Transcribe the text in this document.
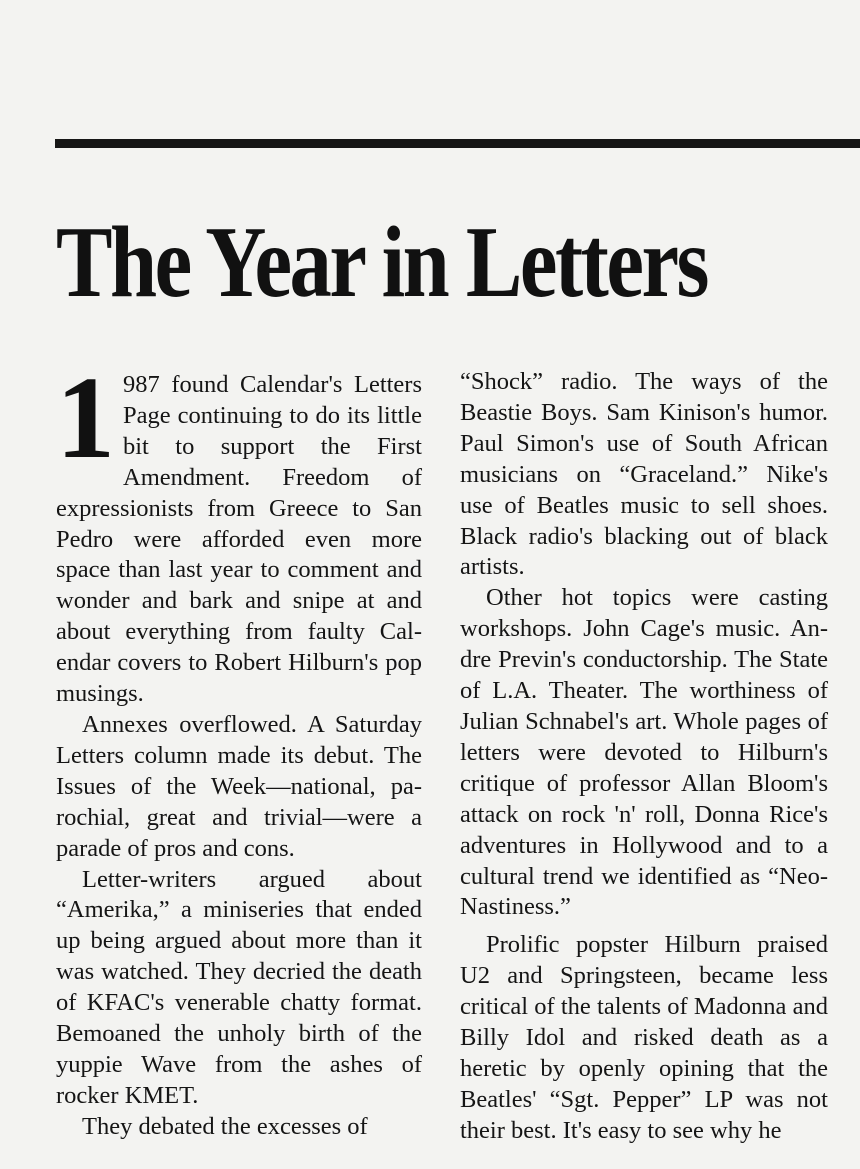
The Year in Letters

1 987 found Calendar's Letters Page continuing to do its little bit to support the First Amendment. Freedom of expressionists from Greece to San Pedro were afforded even more space than last year to comment and wonder and bark and snipe at and about everything from faulty Calendar covers to Robert Hilburn's pop musings.

Annexes overflowed. A Saturday Letters column made its debut. The Issues of the Week—national, parochial, great and trivial—were a parade of pros and cons.

Letter-writers argued about “Amerika,” a miniseries that ended up being argued about more than it was watched. They decried the death of KFAC's venerable chatty format. Bemoaned the unholy birth of the yuppie Wave from the ashes of rocker KMET.

They debated the excesses of

“Shock” radio. The ways of the Beastie Boys. Sam Kinison's humor. Paul Simon's use of South African musicians on “Graceland.” Nike's use of Beatles music to sell shoes. Black radio's blacking out of black artists.

Other hot topics were casting workshops. John Cage's music. Andre Previn's conductorship. The State of L.A. Theater. The worthiness of Julian Schnabel's art. Whole pages of letters were devoted to Hilburn's critique of professor Allan Bloom's attack on rock 'n' roll, Donna Rice's adventures in Hollywood and to a cultural trend we identified as “Neo-Nastiness.”

Prolific popster Hilburn praised U2 and Springsteen, became less critical of the talents of Madonna and Billy Idol and risked death as a heretic by openly opining that the Beatles' “Sgt. Pepper” LP was not their best. It's easy to see why he
